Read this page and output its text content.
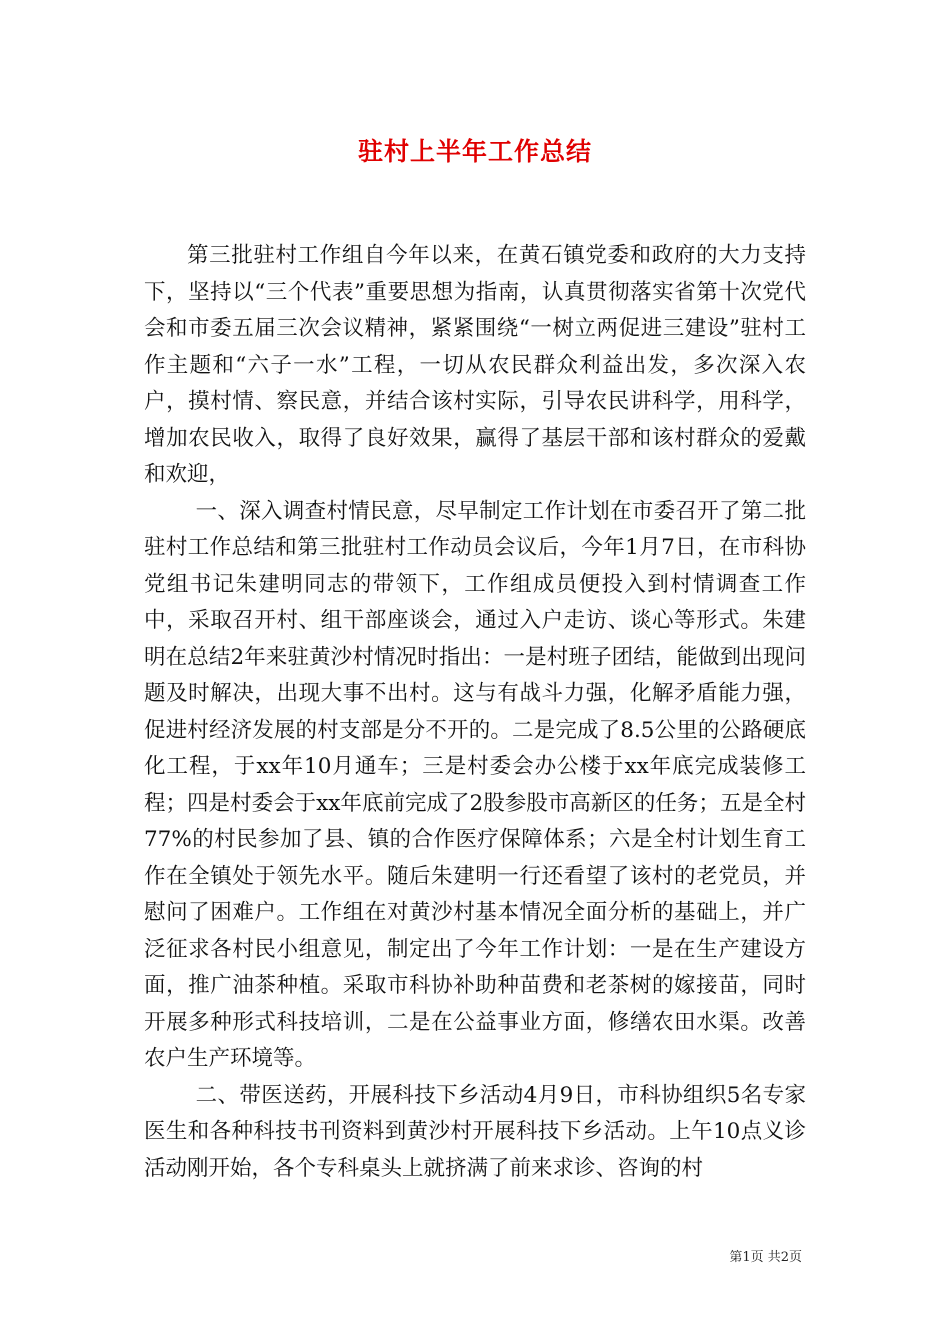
驻村上半年工作总结

第三批驻村工作组自今年以来，在黄石镇党委和政府的大力支持下，坚持以“三个代表”重要思想为指南，认真贯彻落实省第十次党代会和市委五届三次会议精神，紧紧围绕“一树立两促进三建设”驻村工作主题和“六子一水”工程，一切从农民群众利益出发，多次深入农户，摸村情、察民意，并结合该村实际，引导农民讲科学，用科学，增加农民收入，取得了良好效果，赢得了基层干部和该村群众的爱戴和欢迎，

一、深入调查村情民意，尽早制定工作计划在市委召开了第二批驻村工作总结和第三批驻村工作动员会议后，今年1月7日，在市科协党组书记朱建明同志的带领下，工作组成员便投入到村情调查工作中，采取召开村、组干部座谈会，通过入户走访、谈心等形式。朱建明在总结2年来驻黄沙村情况时指出：一是村班子团结，能做到出现问题及时解决，出现大事不出村。这与有战斗力强，化解矛盾能力强，促进村经济发展的村支部是分不开的。二是完成了8.5公里的公路硬底化工程，于xx年10月通车；三是村委会办公楼于xx年底完成装修工程；四是村委会于xx年底前完成了2股参股市高新区的任务；五是全村77%的村民参加了县、镇的合作医疗保障体系；六是全村计划生育工作在全镇处于领先水平。随后朱建明一行还看望了该村的老党员，并慰问了困难户。工作组在对黄沙村基本情况全面分析的基础上，并广泛征求各村民小组意见，制定出了今年工作计划：一是在生产建设方面，推广油茶种植。采取市科协补助种苗费和老茶树的嫁接苗，同时开展多种形式科技培训，二是在公益事业方面，修缮农田水渠。改善农户生产环境等。

二、带医送药，开展科技下乡活动4月9日，市科协组织5名专家医生和各种科技书刊资料到黄沙村开展科技下乡活动。上午10点义诊活动刚开始，各个专科桌头上就挤满了前来求诊、咨询的村

第1页 共2页
